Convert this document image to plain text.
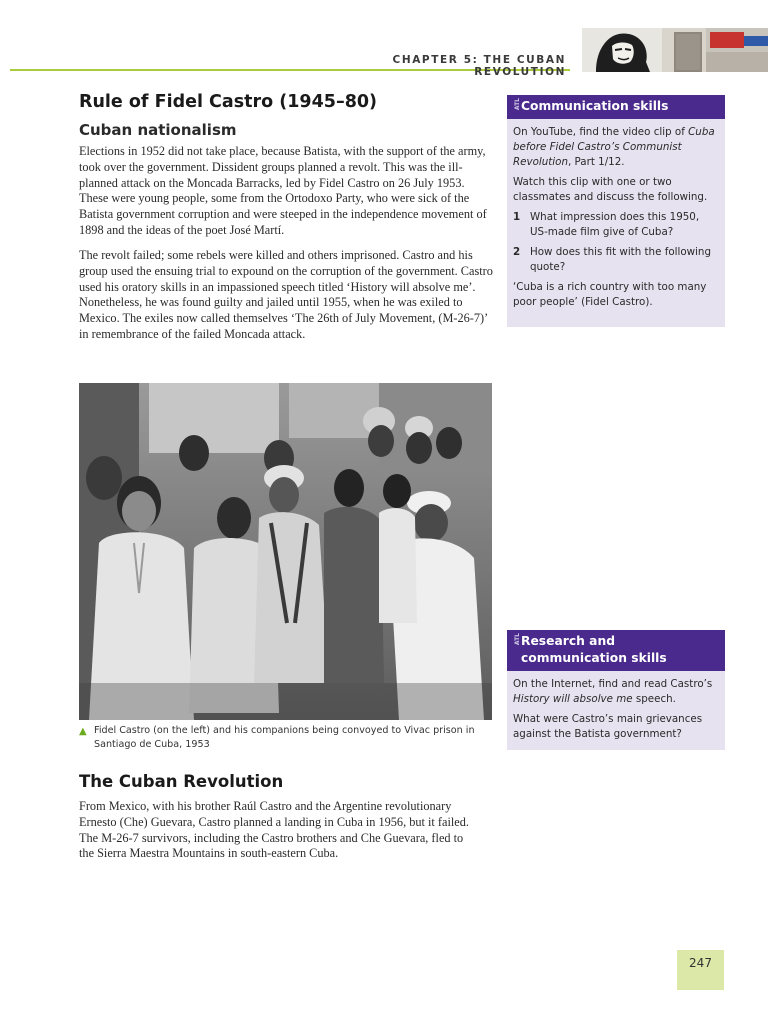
CHAPTER 5: THE CUBAN REVOLUTION
Rule of Fidel Castro (1945–80)
Cuban nationalism

Elections in 1952 did not take place, because Batista, with the support of the army, took over the government. Dissident groups planned a revolt. This was the ill-planned attack on the Moncada Barracks, led by Fidel Castro on 26 July 1953. These were young people, some from the Ortodoxo Party, who were sick of the Batista government corruption and were steeped in the independence movement of 1898 and the ideas of the poet José Martí.

The revolt failed; some rebels were killed and others imprisoned. Castro and his group used the ensuing trial to expound on the corruption of the government. Castro used his oratory skills in an impassioned speech titled ‘History will absolve me’. Nonetheless, he was found guilty and jailed until 1955, when he was exiled to Mexico. The exiles now called themselves ‘The 26th of July Movement, (M-26-7)’ in remembrance of the failed Moncada attack.

▲ Fidel Castro (on the left) and his companions being convoyed to Vivac prison in Santiago de Cuba, 1953

The Cuban Revolution

From Mexico, with his brother Raúl Castro and the Argentine revolutionary Ernesto (Che) Guevara, Castro planned a landing in Cuba in 1956, but it failed. The M-26-7 survivors, including the Castro brothers and Che Guevara, fled to the Sierra Maestra Mountains in south-eastern Cuba.

ATL Communication skills

On YouTube, find the video clip of Cuba before Fidel Castro’s Communist Revolution, Part 1/12.

Watch this clip with one or two classmates and discuss the following.

1 What impression does this 1950, US-made film give of Cuba?
2 How does this fit with the following quote?

‘Cuba is a rich country with too many poor people’ (Fidel Castro).

ATL Research and communication skills

On the Internet, find and read Castro’s History will absolve me speech.

What were Castro’s main grievances against the Batista government?

247
